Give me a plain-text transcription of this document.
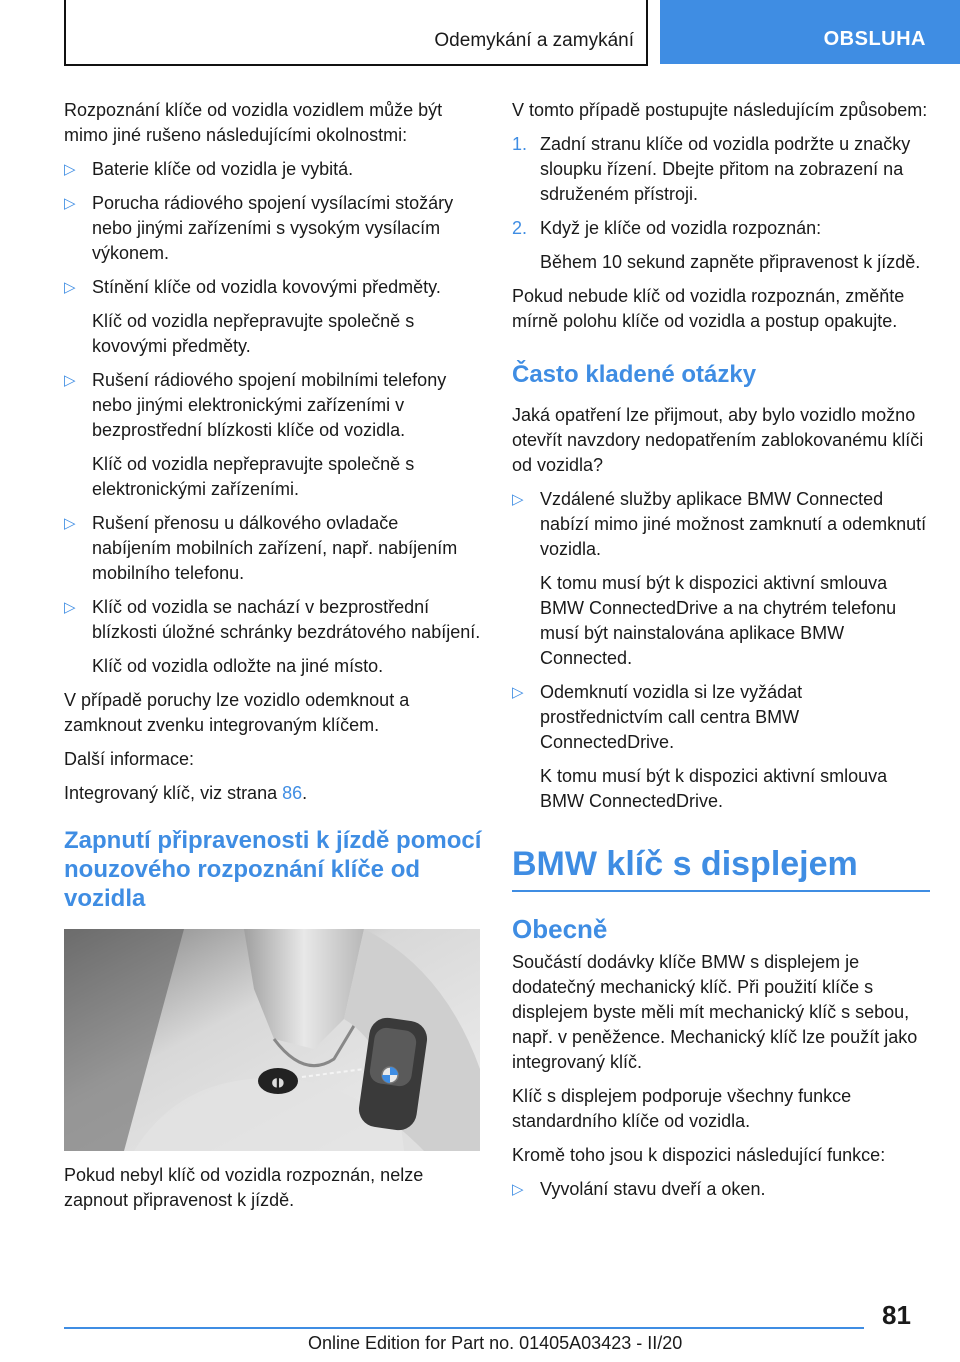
Odemykání a zamykání	OBSLUHA

Rozpoznání klíče od vozidla vozidlem může být mimo jiné rušeno následujícími okolnostmi:

▷ Baterie klíče od vozidla je vybitá.
▷ Porucha rádiového spojení vysílacími stožáry nebo jinými zařízeními s vysokým vysílacím výkonem.
▷ Stínění klíče od vozidla kovovými předměty.

Klíč od vozidla nepřepravujte společně s kovovými předměty.

▷ Rušení rádiového spojení mobilními telefony nebo jinými elektronickými zařízeními v bezprostřední blízkosti klíče od vozidla.

Klíč od vozidla nepřepravujte společně s elektronickými zařízeními.

▷ Rušení přenosu u dálkového ovladače nabíjením mobilních zařízení, např. nabíjením mobilního telefonu.
▷ Klíč od vozidla se nachází v bezprostřední blízkosti úložné schránky bezdrátového nabíjení.

Klíč od vozidla odložte na jiné místo.

V případě poruchy lze vozidlo odemknout a zamknout zvenku integrovaným klíčem.

Další informace:

Integrovaný klíč, viz strana 86.

Zapnutí připravenosti k jízdě pomocí nouzového rozpoznání klíče od vozidla
◖◗

Pokud nebyl klíč od vozidla rozpoznán, nelze zapnout připravenost k jízdě.

V tomto případě postupujte následujícím způsobem:

1. Zadní stranu klíče od vozidla podržte u značky sloupku řízení. Dbejte přitom na zobrazení na sdruženém přístroji.
2. Když je klíče od vozidla rozpoznán:

Během 10 sekund zapněte připravenost k jízdě.

Pokud nebude klíč od vozidla rozpoznán, změňte mírně polohu klíče od vozidla a postup opakujte.

Často kladené otázky

Jaká opatření lze přijmout, aby bylo vozidlo možno otevřít navzdory nedopatřením zablokovanému klíči od vozidla?

▷ Vzdálené služby aplikace BMW Connected nabízí mimo jiné možnost zamknutí a odemknutí vozidla.

K tomu musí být k dispozici aktivní smlouva BMW ConnectedDrive a na chytrém telefonu musí být nainstalována aplikace BMW Connected.

▷ Odemknutí vozidla si lze vyžádat prostřednictvím call centra BMW ConnectedDrive.

K tomu musí být k dispozici aktivní smlouva BMW ConnectedDrive.

BMW klíč s displejem
Obecně

Součástí dodávky klíče BMW s displejem je dodatečný mechanický klíč. Při použití klíče s displejem byste měli mít mechanický klíč s sebou, např. v peněžence. Mechanický klíč lze použít jako integrovaný klíč.

Klíč s displejem podporuje všechny funkce standardního klíče od vozidla.

Kromě toho jsou k dispozici následující funkce:

▷ Vyvolání stavu dveří a oken.
81
Online Edition for Part no. 01405A03423 - II/20
